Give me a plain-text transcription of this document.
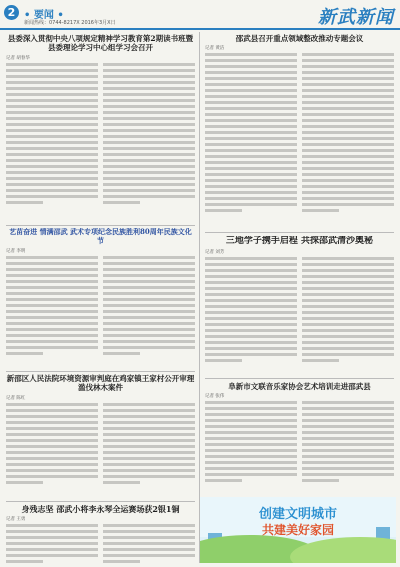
2 • 要闻 •
新闻热线：0744-8217X 2016年3月X日	新武新闻
县委深入贯彻中央八项规定精神学习教育第2期读书班暨县委理论学习中心组学习会召开
记者 胡春华
邵武县召开重点领域整改推动专题会议
记者 黄洁
艺苗奋进 情满邵武 武术专项纪念民族胜利80周年民族文化节
记者 李明
三地学子携手启程 共探邵武清沙奥秘
记者 刘芳
新邵区人民法院环境资源审判庭在鸡家镇王家村公开审理滥伐林木案件
记者 陈红
阜新市文联音乐家协会艺术培训走进邵武县
记者 张伟
身残志坚 邵武小将李永琴全运赛场获2银1铜
记者 王勇	创建文明城市
共建美好家园
